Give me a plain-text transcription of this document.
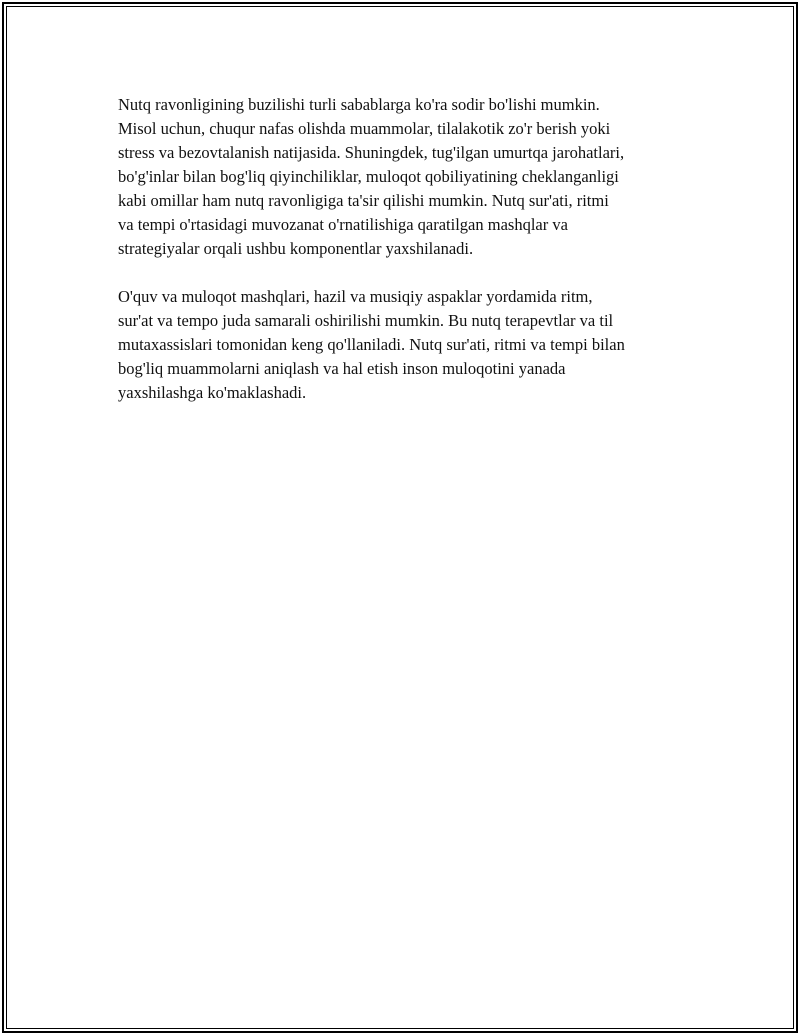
Nutq ravonligining buzilishi turli sabablarga ko'ra sodir bo'lishi mumkin.
Misol uchun, chuqur nafas olishda muammolar, tilalakotik zo'r berish yoki
stress va bezovtalanish natijasida. Shuningdek, tug'ilgan umurtqa jarohatlari,
bo'g'inlar bilan bog'liq qiyinchiliklar, muloqot qobiliyatining cheklanganligi
kabi omillar ham nutq ravonligiga ta'sir qilishi mumkin. Nutq sur'ati, ritmi
va tempi o'rtasidagi muvozanat o'rnatilishiga qaratilgan mashqlar va
strategiyalar orqali ushbu komponentlar yaxshilanadi.

O'quv va muloqot mashqlari, hazil va musiqiy aspaklar yordamida ritm,
sur'at va tempo juda samarali oshirilishi mumkin. Bu nutq terapevtlar va til
mutaxassislari tomonidan keng qo'llaniladi. Nutq sur'ati, ritmi va tempi bilan
bog'liq muammolarni aniqlash va hal etish inson muloqotini yanada
yaxshilashga ko'maklashadi.
